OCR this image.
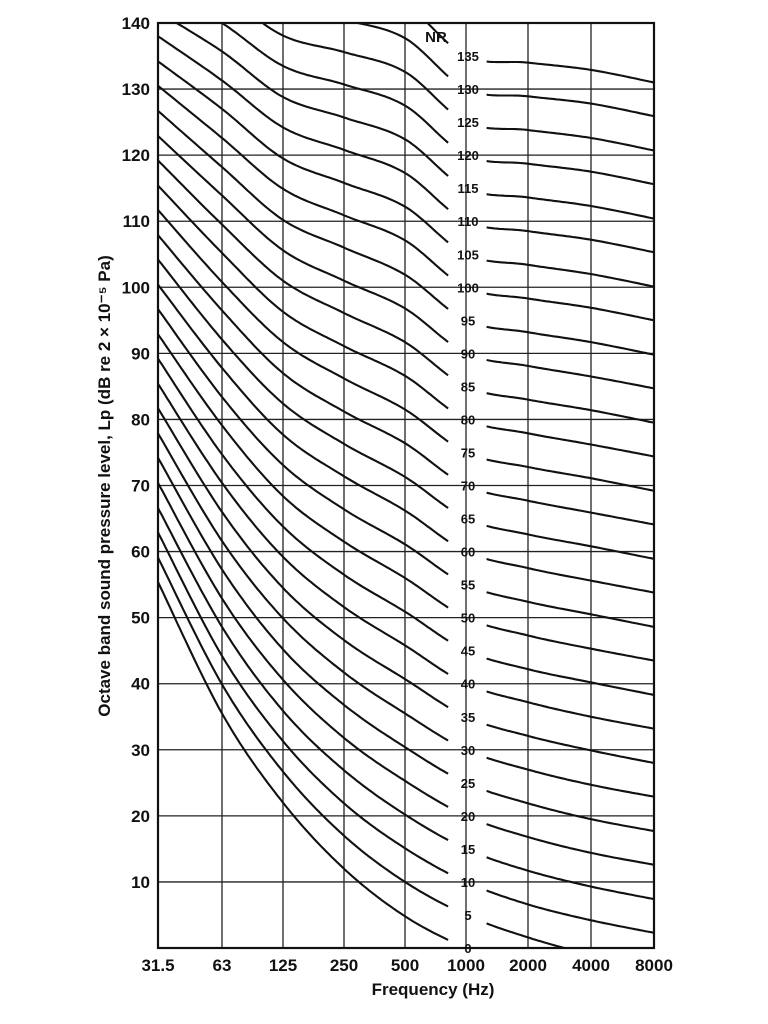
0
5
10
15
20
25
30
35
40
45
50
55
60
65
70
75
80
85
90
95
100
105
110
115
120
125
130
135
NR
10
20
30
40
50
60
70
80
90
100
110
120
130
140
31.5 63 125 250 500 1000 2000 4000 8000
Frequency (Hz)
Octave band sound pressure level, Lp (dB re 2 × 10⁻⁵ Pa)
